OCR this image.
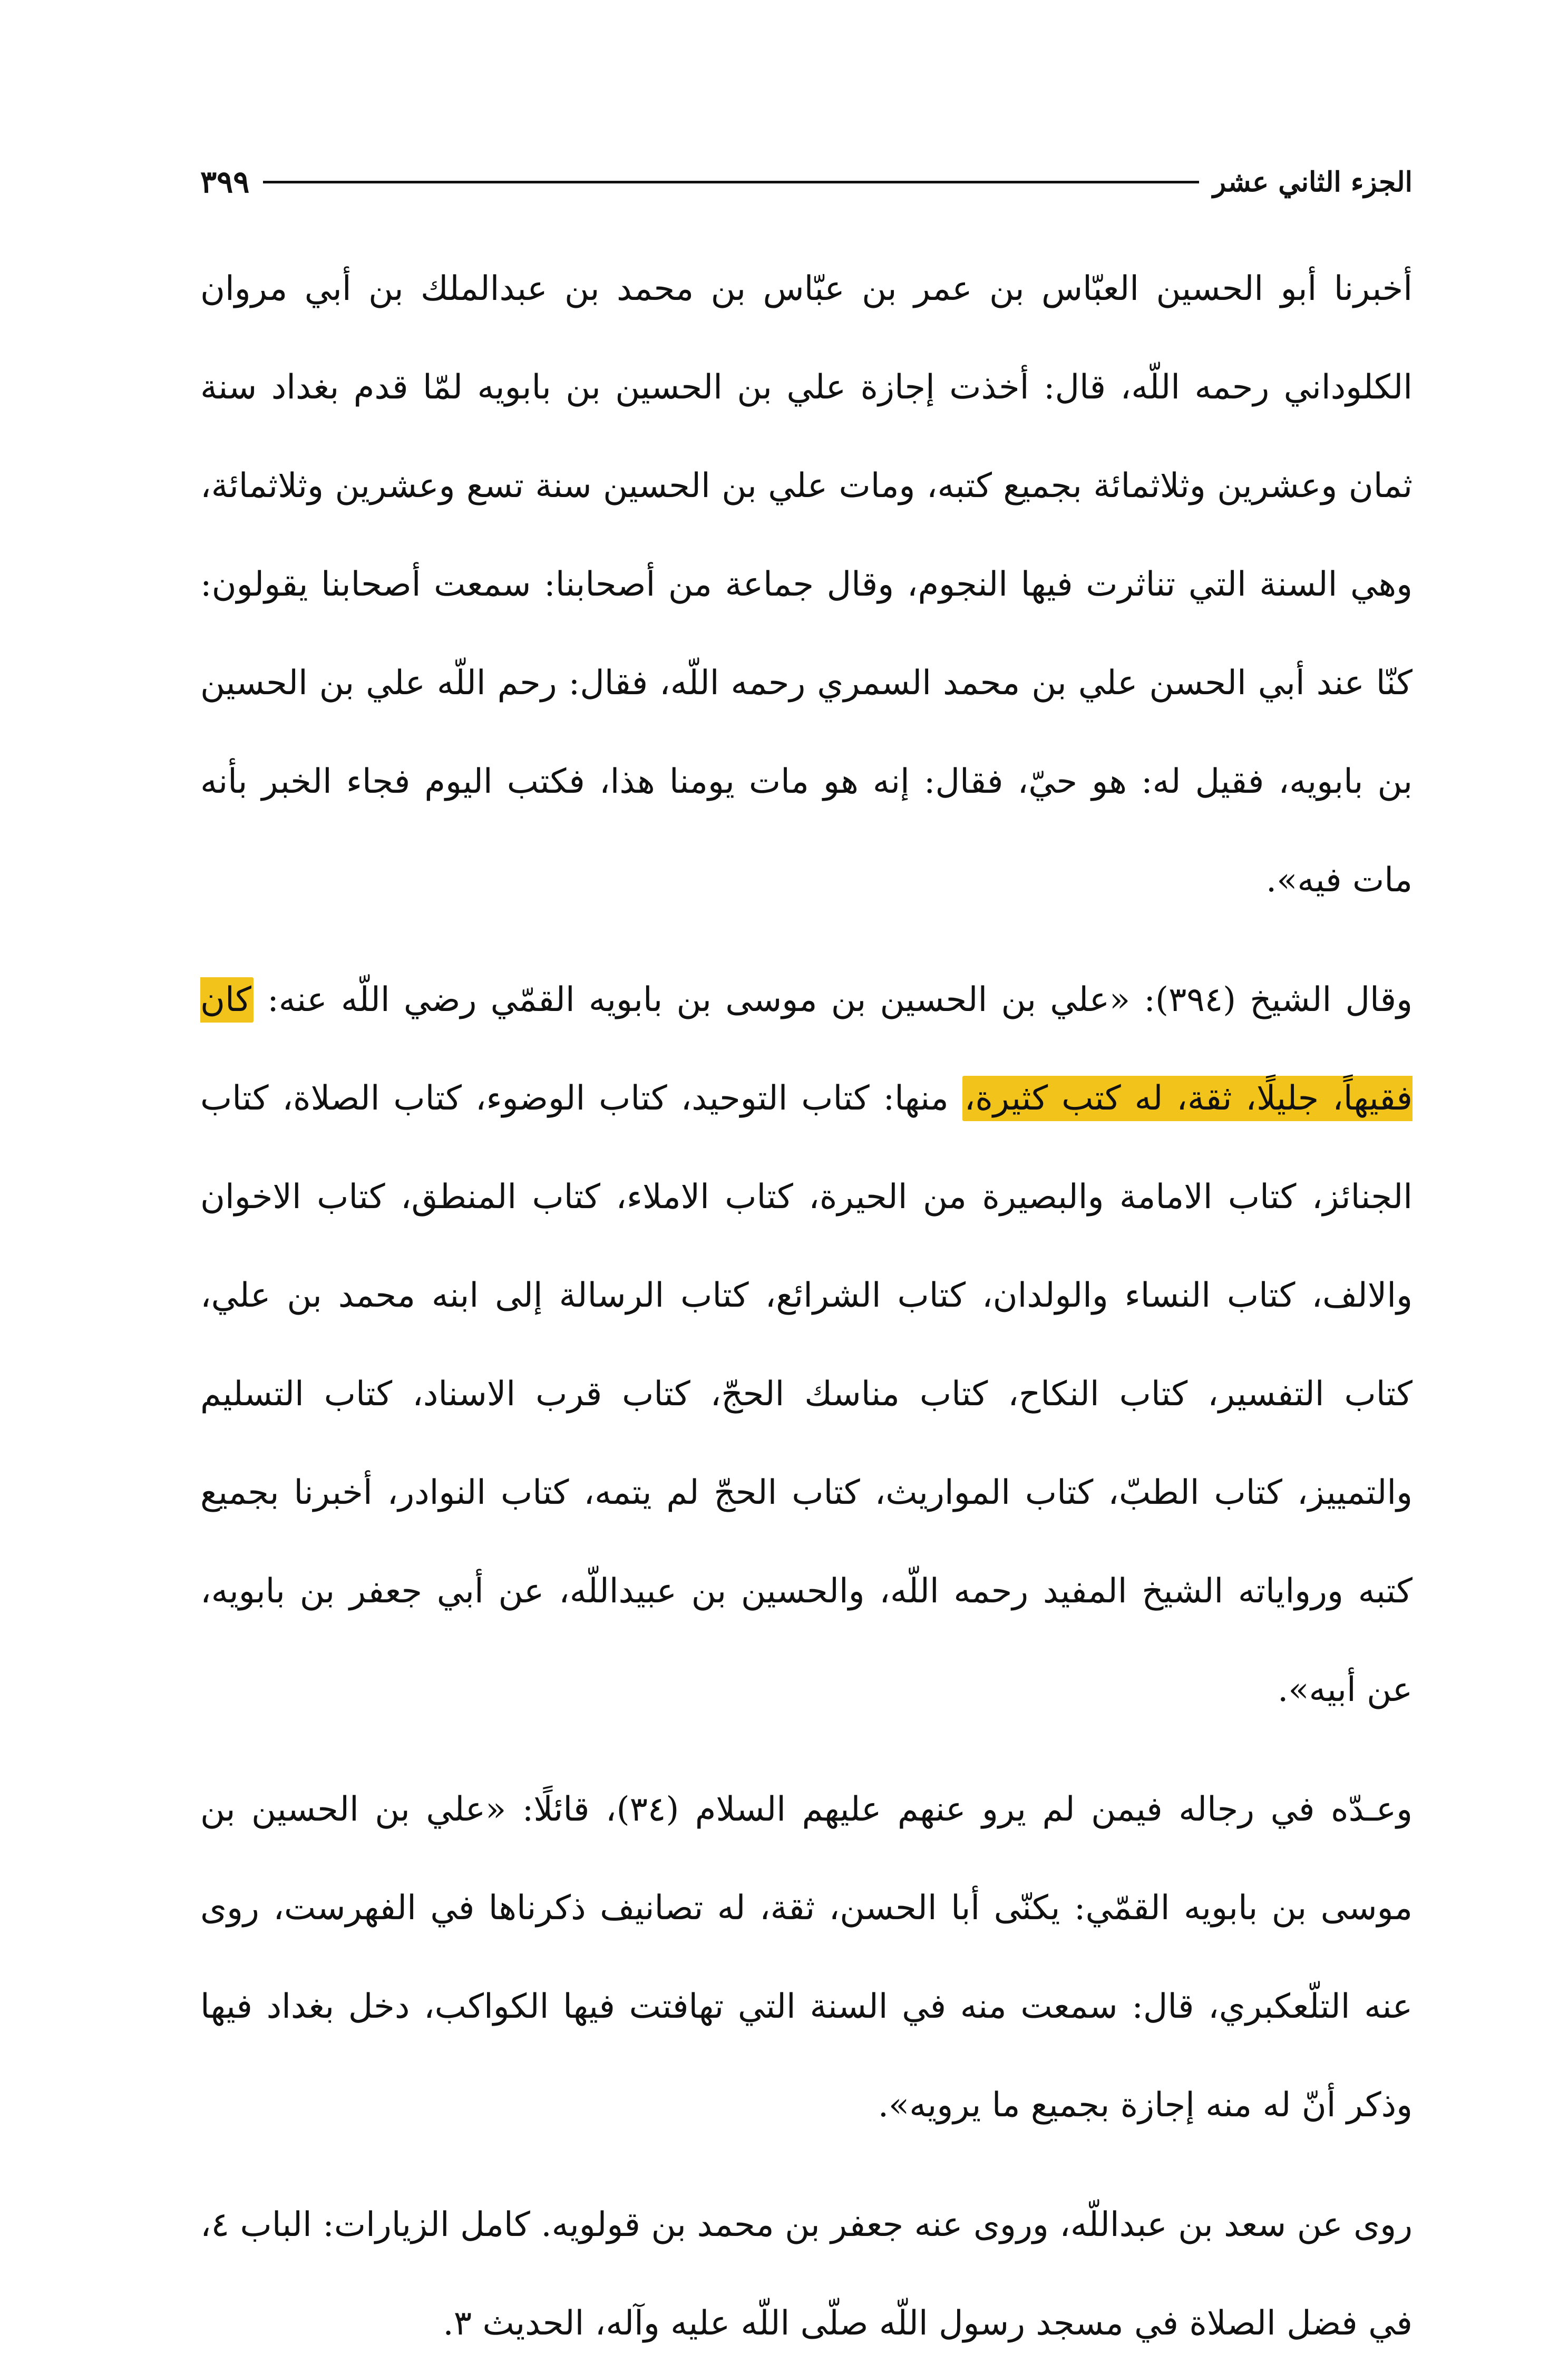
الجزء الثاني عشر
٣٩٩

أخبرنا أبو الحسين العبّاس بن عمر بن عبّاس بن محمد بن عبدالملك بن أبي مروان الكلوداني رحمه اللّه، قال: أخذت إجازة علي بن الحسين بن بابويه لمّا قدم بغداد سنة ثمان وعشرين وثلاثمائة بجميع كتبه، ومات علي بن الحسين سنة تسع وعشرين وثلاثمائة، وهي السنة التي تناثرت فيها النجوم، وقال جماعة من أصحابنا: سمعت أصحابنا يقولون: كنّا عند أبي الحسن علي بن محمد السمري رحمه اللّه، فقال: رحم اللّه علي بن الحسين بن بابويه، فقيل له: هو حيّ، فقال: إنه هو مات يومنا هذا، فكتب اليوم فجاء الخبر بأنه مات فيه».

وقال الشيخ (٣٩٤): «علي بن الحسين بن موسى بن بابويه القمّي رضي اللّه عنه: كان فقيهاً، جليلًا، ثقة، له كتب كثيرة، منها: كتاب التوحيد، كتاب الوضوء، كتاب الصلاة، كتاب الجنائز، كتاب الامامة والبصيرة من الحيرة، كتاب الاملاء، كتاب المنطق، كتاب الاخوان والالف، كتاب النساء والولدان، كتاب الشرائع، كتاب الرسالة إلى ابنه محمد بن علي، كتاب التفسير، كتاب النكاح، كتاب مناسك الحجّ، كتاب قرب الاسناد، كتاب التسليم والتمييز، كتاب الطبّ، كتاب المواريث، كتاب الحجّ لم يتمه، كتاب النوادر، أخبرنا بجميع كتبه ورواياته الشيخ المفيد رحمه اللّه، والحسين بن عبيداللّه، عن أبي جعفر بن بابويه، عن أبيه».

وعـدّه في رجاله فيمن لم يرو عنهم عليهم السلام (٣٤)، قائلًا: «علي بن الحسين بن موسى بن بابويه القمّي: يكنّى أبا الحسن، ثقة، له تصانيف ذكرناها في الفهرست، روى عنه التلّعكبري، قال: سمعت منه في السنة التي تهافتت فيها الكواكب، دخل بغداد فيها وذكر أنّ له منه إجازة بجميع ما يرويه».

روى عن سعد بن عبداللّه، وروى عنه جعفر بن محمد بن قولويه. كامل الزيارات: الباب ٤، في فضل الصلاة في مسجد رسول اللّه صلّى اللّه عليه وآله، الحديث ٣.
